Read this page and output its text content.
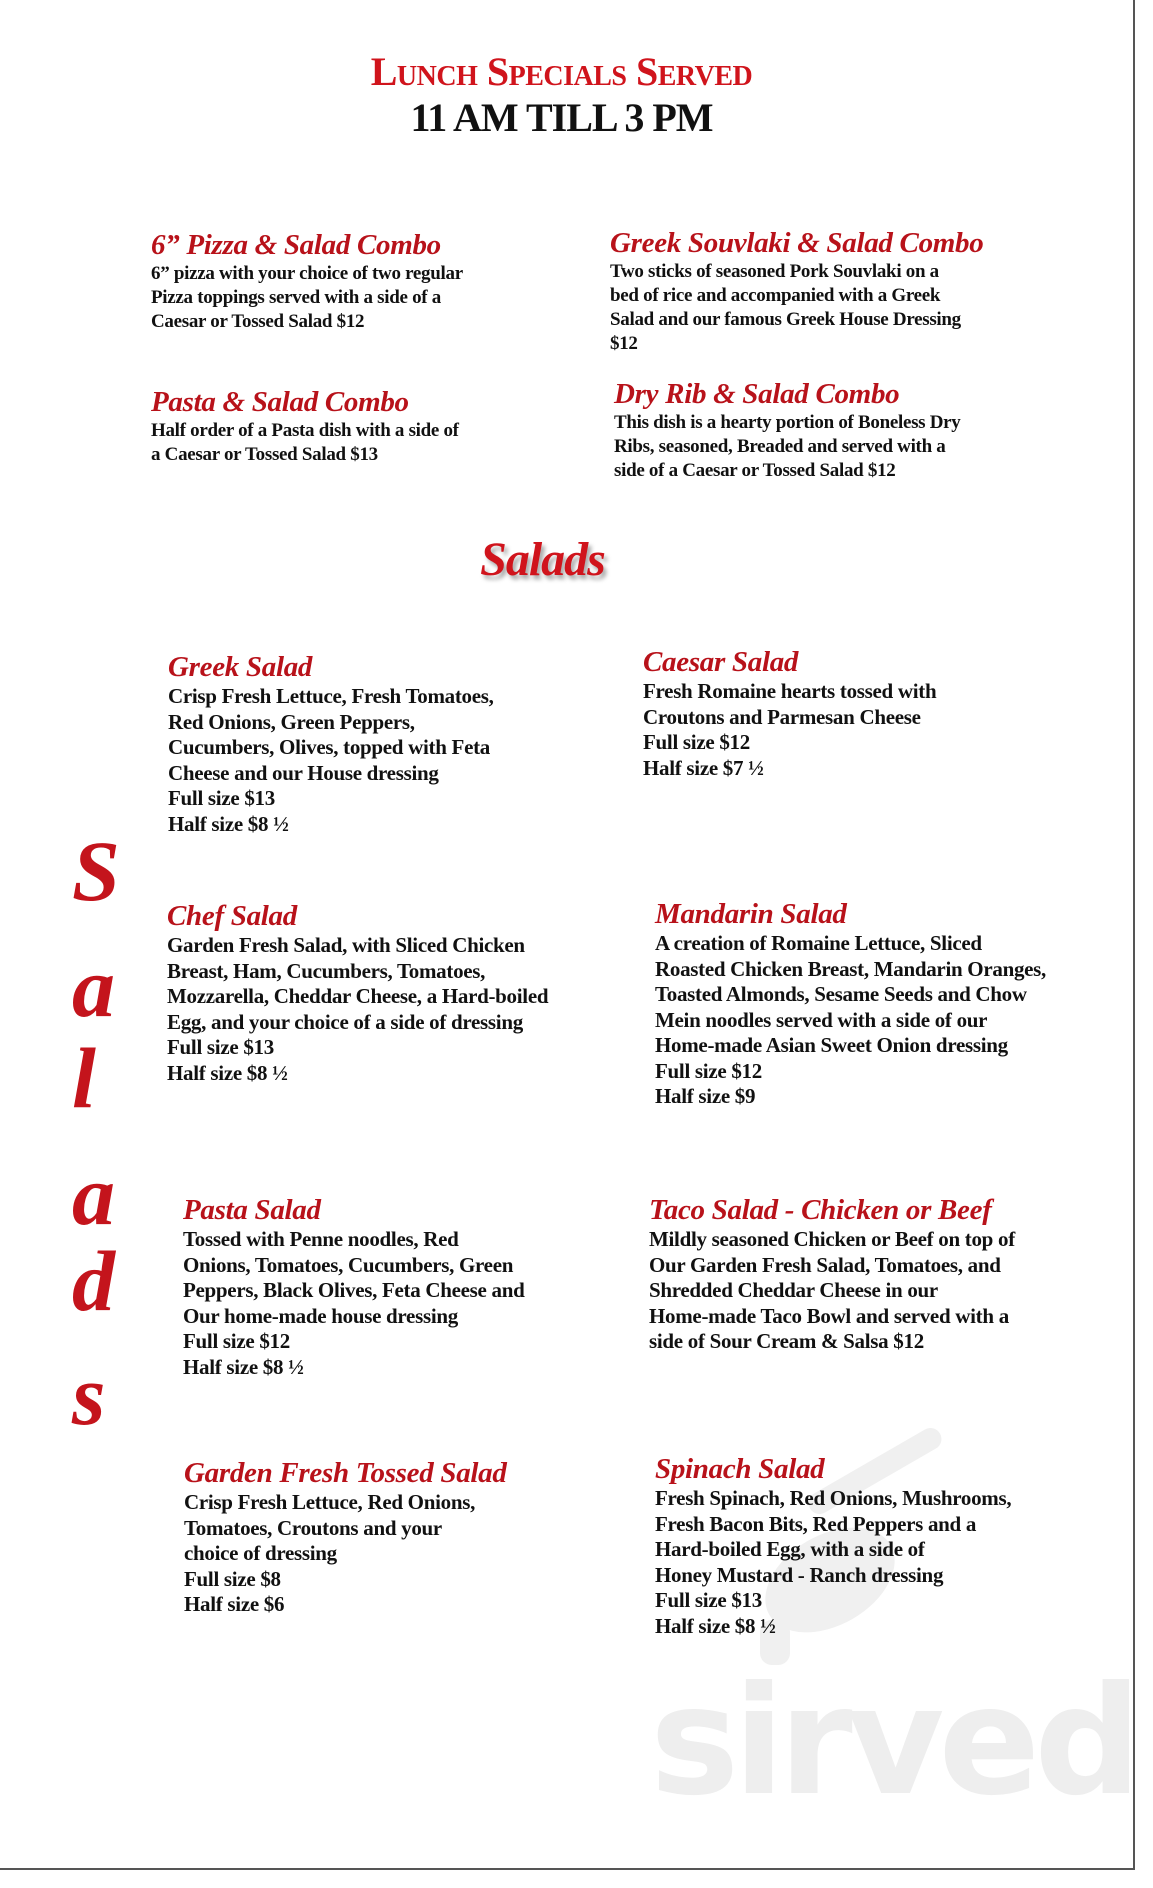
sirved
Lunch Specials Served
11 AM TILL 3 PM
6” Pizza & Salad Combo

6” pizza with your choice of two regular

Pizza toppings served with a side of a

Caesar or Tossed Salad $12

Greek Souvlaki & Salad Combo

Two sticks of seasoned Pork Souvlaki on a

bed of rice and accompanied with a Greek

Salad and our famous Greek House Dressing

$12

Pasta & Salad Combo

Half order of a Pasta dish with a side of

a Caesar or Tossed Salad $13

Dry Rib & Salad Combo

This dish is a hearty portion of Boneless Dry

Ribs, seasoned, Breaded and served with a

side of a Caesar or Tossed Salad $12

Salads
S
a
l
a
d
s
Greek Salad

Crisp Fresh Lettuce, Fresh Tomatoes,

Red Onions, Green Peppers,

Cucumbers, Olives, topped with Feta

Cheese and our House dressing

Full size $13

Half size $8 ½

Caesar Salad

Fresh Romaine hearts tossed with

Croutons and Parmesan Cheese

Full size $12

Half size $7 ½

Chef Salad

Garden Fresh Salad, with Sliced Chicken

Breast, Ham, Cucumbers, Tomatoes,

Mozzarella, Cheddar Cheese, a Hard-boiled

Egg, and your choice of a side of dressing

Full size $13

Half size $8 ½

Mandarin Salad

A creation of Romaine Lettuce, Sliced

Roasted Chicken Breast, Mandarin Oranges,

Toasted Almonds, Sesame Seeds and Chow

Mein noodles served with a side of our

Home-made Asian Sweet Onion dressing

Full size $12

Half size $9

Pasta Salad

Tossed with Penne noodles, Red

Onions, Tomatoes, Cucumbers, Green

Peppers, Black Olives, Feta Cheese and

Our home-made house dressing

Full size $12

Half size $8 ½

Taco Salad - Chicken or Beef

Mildly seasoned Chicken or Beef on top of

Our Garden Fresh Salad, Tomatoes, and

Shredded Cheddar Cheese in our

Home-made Taco Bowl and served with a

side of Sour Cream & Salsa $12

Garden Fresh Tossed Salad

Crisp Fresh Lettuce, Red Onions,

Tomatoes, Croutons and your

choice of dressing

Full size $8

Half size $6

Spinach Salad

Fresh Spinach, Red Onions, Mushrooms,

Fresh Bacon Bits, Red Peppers and a

Hard-boiled Egg, with a side of

Honey Mustard - Ranch dressing

Full size $13

Half size $8 ½
